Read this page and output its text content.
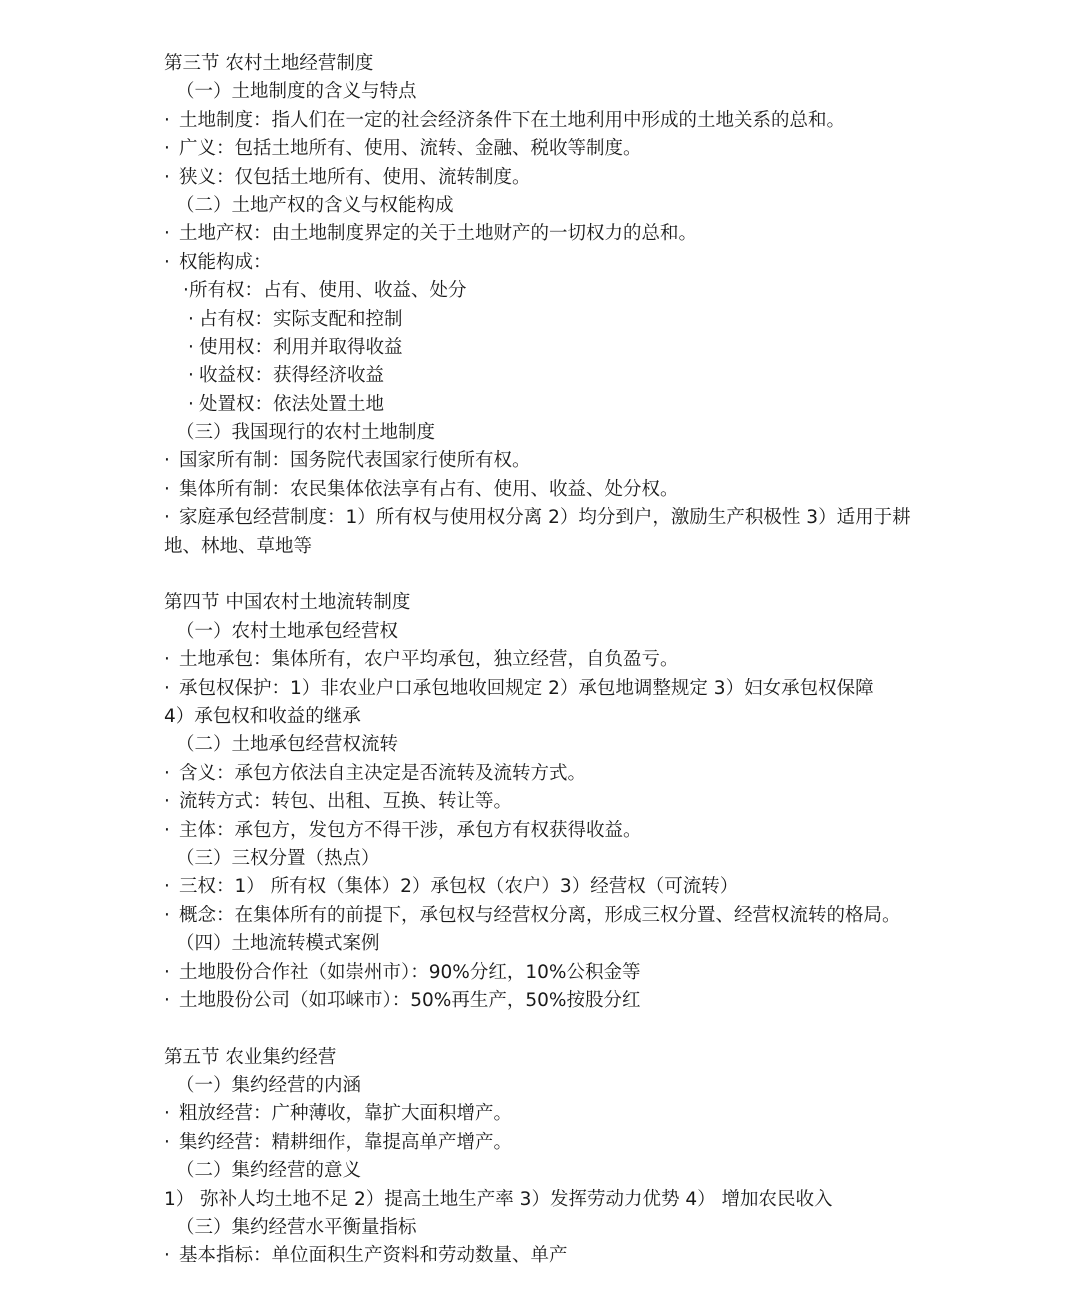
第三节 农村土地经营制度
（一）土地制度的含义与特点
· 土地制度：指人们在一定的社会经济条件下在土地利用中形成的土地关系的总和。
· 广义：包括土地所有、使用、流转、金融、税收等制度。
· 狭义：仅包括土地所有、使用、流转制度。
（二）土地产权的含义与权能构成
· 土地产权：由土地制度界定的关于土地财产的一切权力的总和。
· 权能构成：
·所有权：占有、使用、收益、处分
· 占有权：实际支配和控制
· 使用权：利用并取得收益
· 收益权：获得经济收益
· 处置权：依法处置土地
（三）我国现行的农村土地制度
· 国家所有制：国务院代表国家行使所有权。
· 集体所有制：农民集体依法享有占有、使用、收益、处分权。
· 家庭承包经营制度：1）所有权与使用权分离 2）均分到户，激励生产积极性 3）适用于耕
地、林地、草地等
第四节 中国农村土地流转制度
（一）农村土地承包经营权
· 土地承包：集体所有，农户平均承包，独立经营，自负盈亏。
· 承包权保护：1）非农业户口承包地收回规定 2）承包地调整规定 3）妇女承包权保障
4）承包权和收益的继承
（二）土地承包经营权流转
· 含义：承包方依法自主决定是否流转及流转方式。
· 流转方式：转包、出租、互换、转让等。
· 主体：承包方，发包方不得干涉，承包方有权获得收益。
（三）三权分置（热点）
· 三权：1） 所有权（集体）2）承包权（农户）3）经营权（可流转）
· 概念：在集体所有的前提下，承包权与经营权分离，形成三权分置、经营权流转的格局。
（四）土地流转模式案例
· 土地股份合作社（如崇州市）：90%分红，10%公积金等
· 土地股份公司（如邛崃市）：50%再生产，50%按股分红
第五节 农业集约经营
（一）集约经营的内涵
· 粗放经营：广种薄收，靠扩大面积增产。
· 集约经营：精耕细作，靠提高单产增产。
（二）集约经营的意义
1） 弥补人均土地不足 2）提高土地生产率 3）发挥劳动力优势 4） 增加农民收入
（三）集约经营水平衡量指标
· 基本指标：单位面积生产资料和劳动数量、单产
